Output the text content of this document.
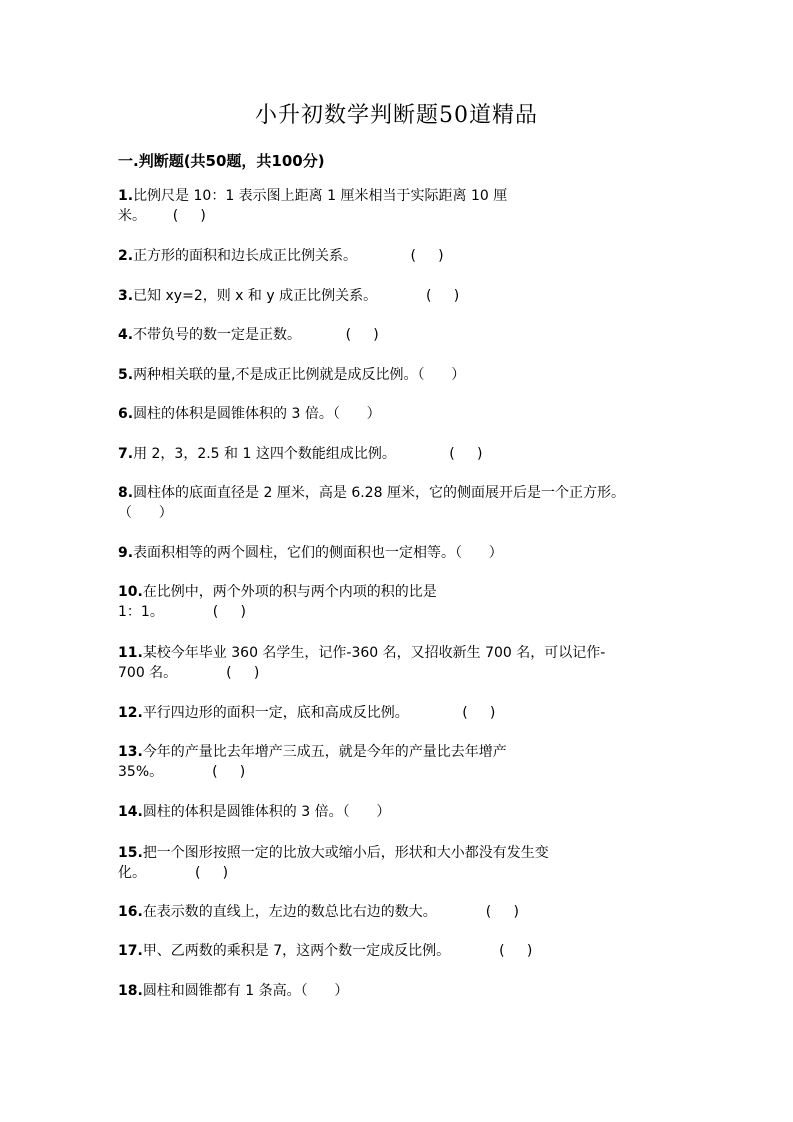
小升初数学判断题50道精品
一.判断题(共50题，共100分)
1.比例尺是 10：1 表示图上距离 1 厘米相当于实际距离 10 厘
米。      (     )
2.正方形的面积和边长成正比例关系。            (     )
3.已知 xy=2，则 x 和 y 成正比例关系。           (     )
4.不带负号的数一定是正数。          (     )
5.两种相关联的量,不是成正比例就是成反比例。（      ）
6.圆柱的体积是圆锥体积的 3 倍。（      ）
7.用 2，3，2.5 和 1 这四个数能组成比例。            (     )
8.圆柱体的底面直径是 2 厘米，高是 6.28 厘米，它的侧面展开后是一个正方形。
（      ）
9.表面积相等的两个圆柱，它们的侧面积也一定相等。（      ）
10.在比例中，两个外项的积与两个内项的积的比是
1：1。           (     )
11.某校今年毕业 360 名学生，记作-360 名，又招收新生 700 名，可以记作-
700 名。           (     )
12.平行四边形的面积一定，底和高成反比例。            (     )
13.今年的产量比去年增产三成五，就是今年的产量比去年增产
35%。           (     )
14.圆柱的体积是圆锥体积的 3 倍。（      ）
15.把一个图形按照一定的比放大或缩小后，形状和大小都没有发生变
化。           (     )
16.在表示数的直线上，左边的数总比右边的数大。           (     )
17.甲、乙两数的乘积是 7，这两个数一定成反比例。           (     )
18.圆柱和圆锥都有 1 条高。（      ）
